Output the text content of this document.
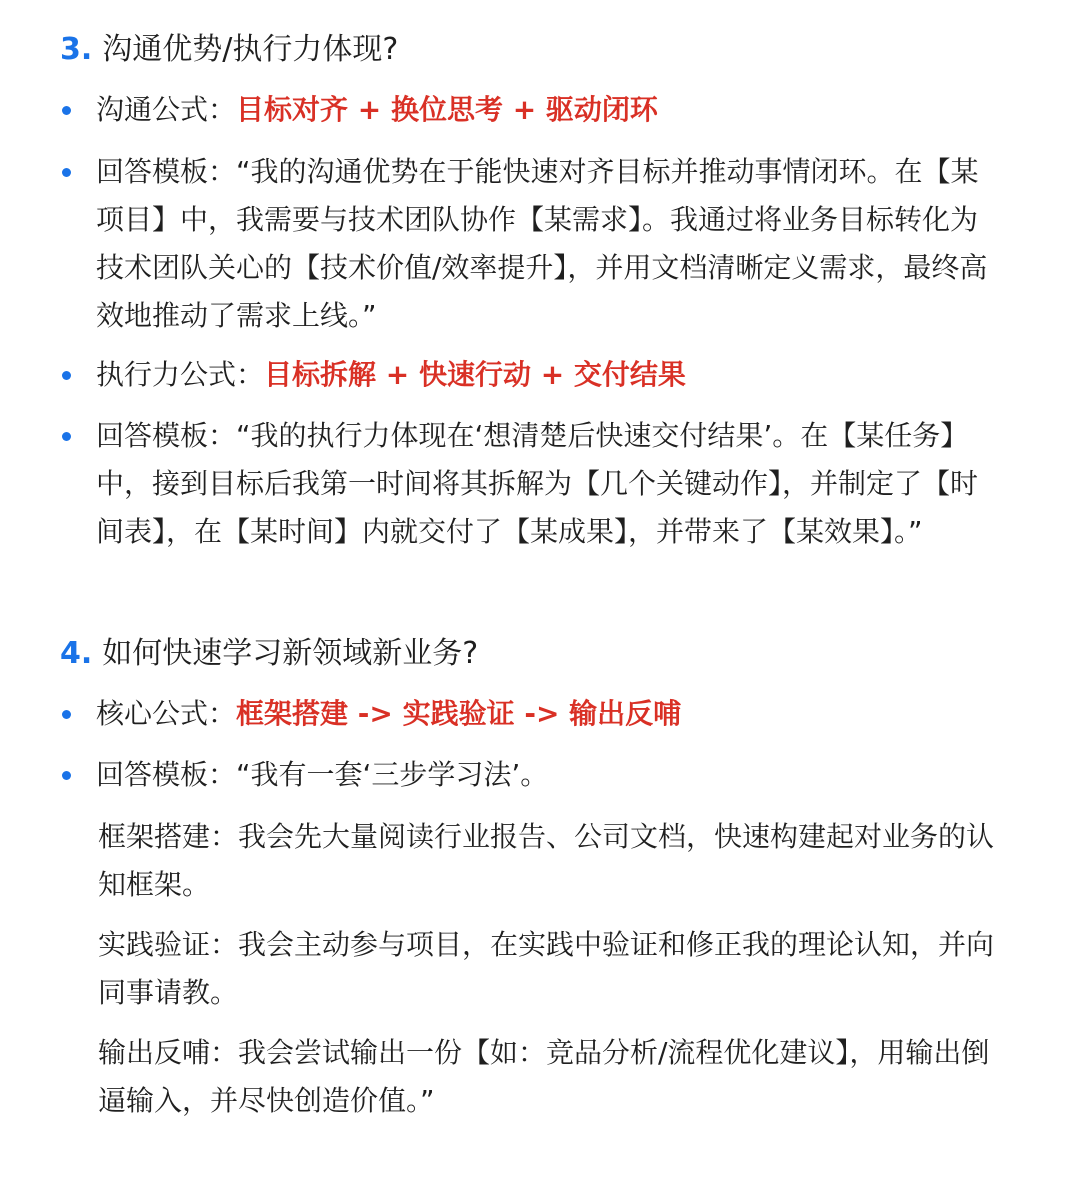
3. 沟通优势/执行力体现?
沟通公式：目标对齐 + 换位思考 + 驱动闭环
回答模板：“我的沟通优势在于能快速对齐目标并推动事情闭环。在【某项目】中，我需要与技术团队协作【某需求】。我通过将业务目标转化为技术团队关心的【技术价值/效率提升】，并用文档清晰定义需求，最终高效地推动了需求上线。”
执行力公式：目标拆解 + 快速行动 + 交付结果
回答模板：“我的执行力体现在‘想清楚后快速交付结果’。在【某任务】中，接到目标后我第一时间将其拆解为【几个关键动作】，并制定了【时间表】，在【某时间】内就交付了【某成果】，并带来了【某效果】。”
4. 如何快速学习新领域新业务?
核心公式：框架搭建 -> 实践验证 -> 输出反哺
回答模板：“我有一套‘三步学习法’。
框架搭建：我会先大量阅读行业报告、公司文档，快速构建起对业务的认知框架。
实践验证：我会主动参与项目，在实践中验证和修正我的理论认知，并向同事请教。
输出反哺：我会尝试输出一份【如：竞品分析/流程优化建议】，用输出倒逼输入，并尽快创造价值。”
